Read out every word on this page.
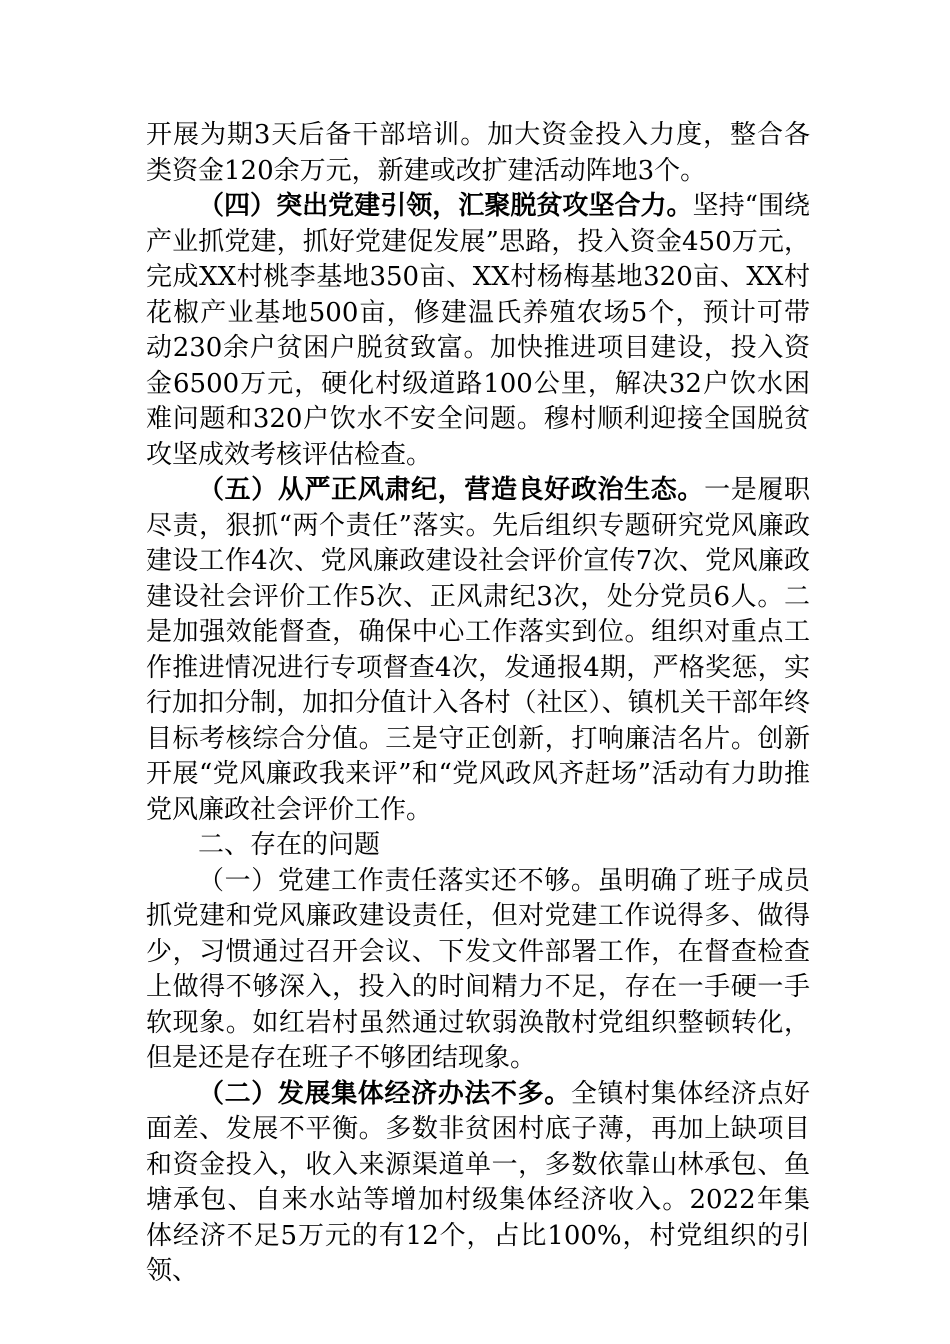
开展为期3天后备干部培训。加大资金投入力度，整合各类资金120余万元，新建或改扩建活动阵地3个。

（四）突出党建引领，汇聚脱贫攻坚合力。坚持“围绕产业抓党建，抓好党建促发展”思路，投入资金450万元，完成XX村桃李基地350亩、XX村杨梅基地320亩、XX村花椒产业基地500亩，修建温氏养殖农场5个，预计可带动230余户贫困户脱贫致富。加快推进项目建设，投入资金6500万元，硬化村级道路100公里，解决32户饮水困难问题和320户饮水不安全问题。穆村顺利迎接全国脱贫攻坚成效考核评估检查。

（五）从严正风肃纪，营造良好政治生态。一是履职尽责，狠抓“两个责任”落实。先后组织专题研究党风廉政建设工作4次、党风廉政建设社会评价宣传7次、党风廉政建设社会评价工作5次、正风肃纪3次，处分党员6人。二是加强效能督查，确保中心工作落实到位。组织对重点工作推进情况进行专项督查4次，发通报4期，严格奖惩，实行加扣分制，加扣分值计入各村（社区）、镇机关干部年终目标考核综合分值。三是守正创新，打响廉洁名片。创新开展“党风廉政我来评”和“党风政风齐赶场”活动有力助推党风廉政社会评价工作。

二、存在的问题

（一）党建工作责任落实还不够。虽明确了班子成员抓党建和党风廉政建设责任，但对党建工作说得多、做得少，习惯通过召开会议、下发文件部署工作，在督查检查上做得不够深入，投入的时间精力不足，存在一手硬一手软现象。如红岩村虽然通过软弱涣散村党组织整顿转化，但是还是存在班子不够团结现象。

（二）发展集体经济办法不多。全镇村集体经济点好面差、发展不平衡。多数非贫困村底子薄，再加上缺项目和资金投入，收入来源渠道单一，多数依靠山林承包、鱼塘承包、自来水站等增加村级集体经济收入。2022年集体经济不足5万元的有12个，占比100%，村党组织的引领、
